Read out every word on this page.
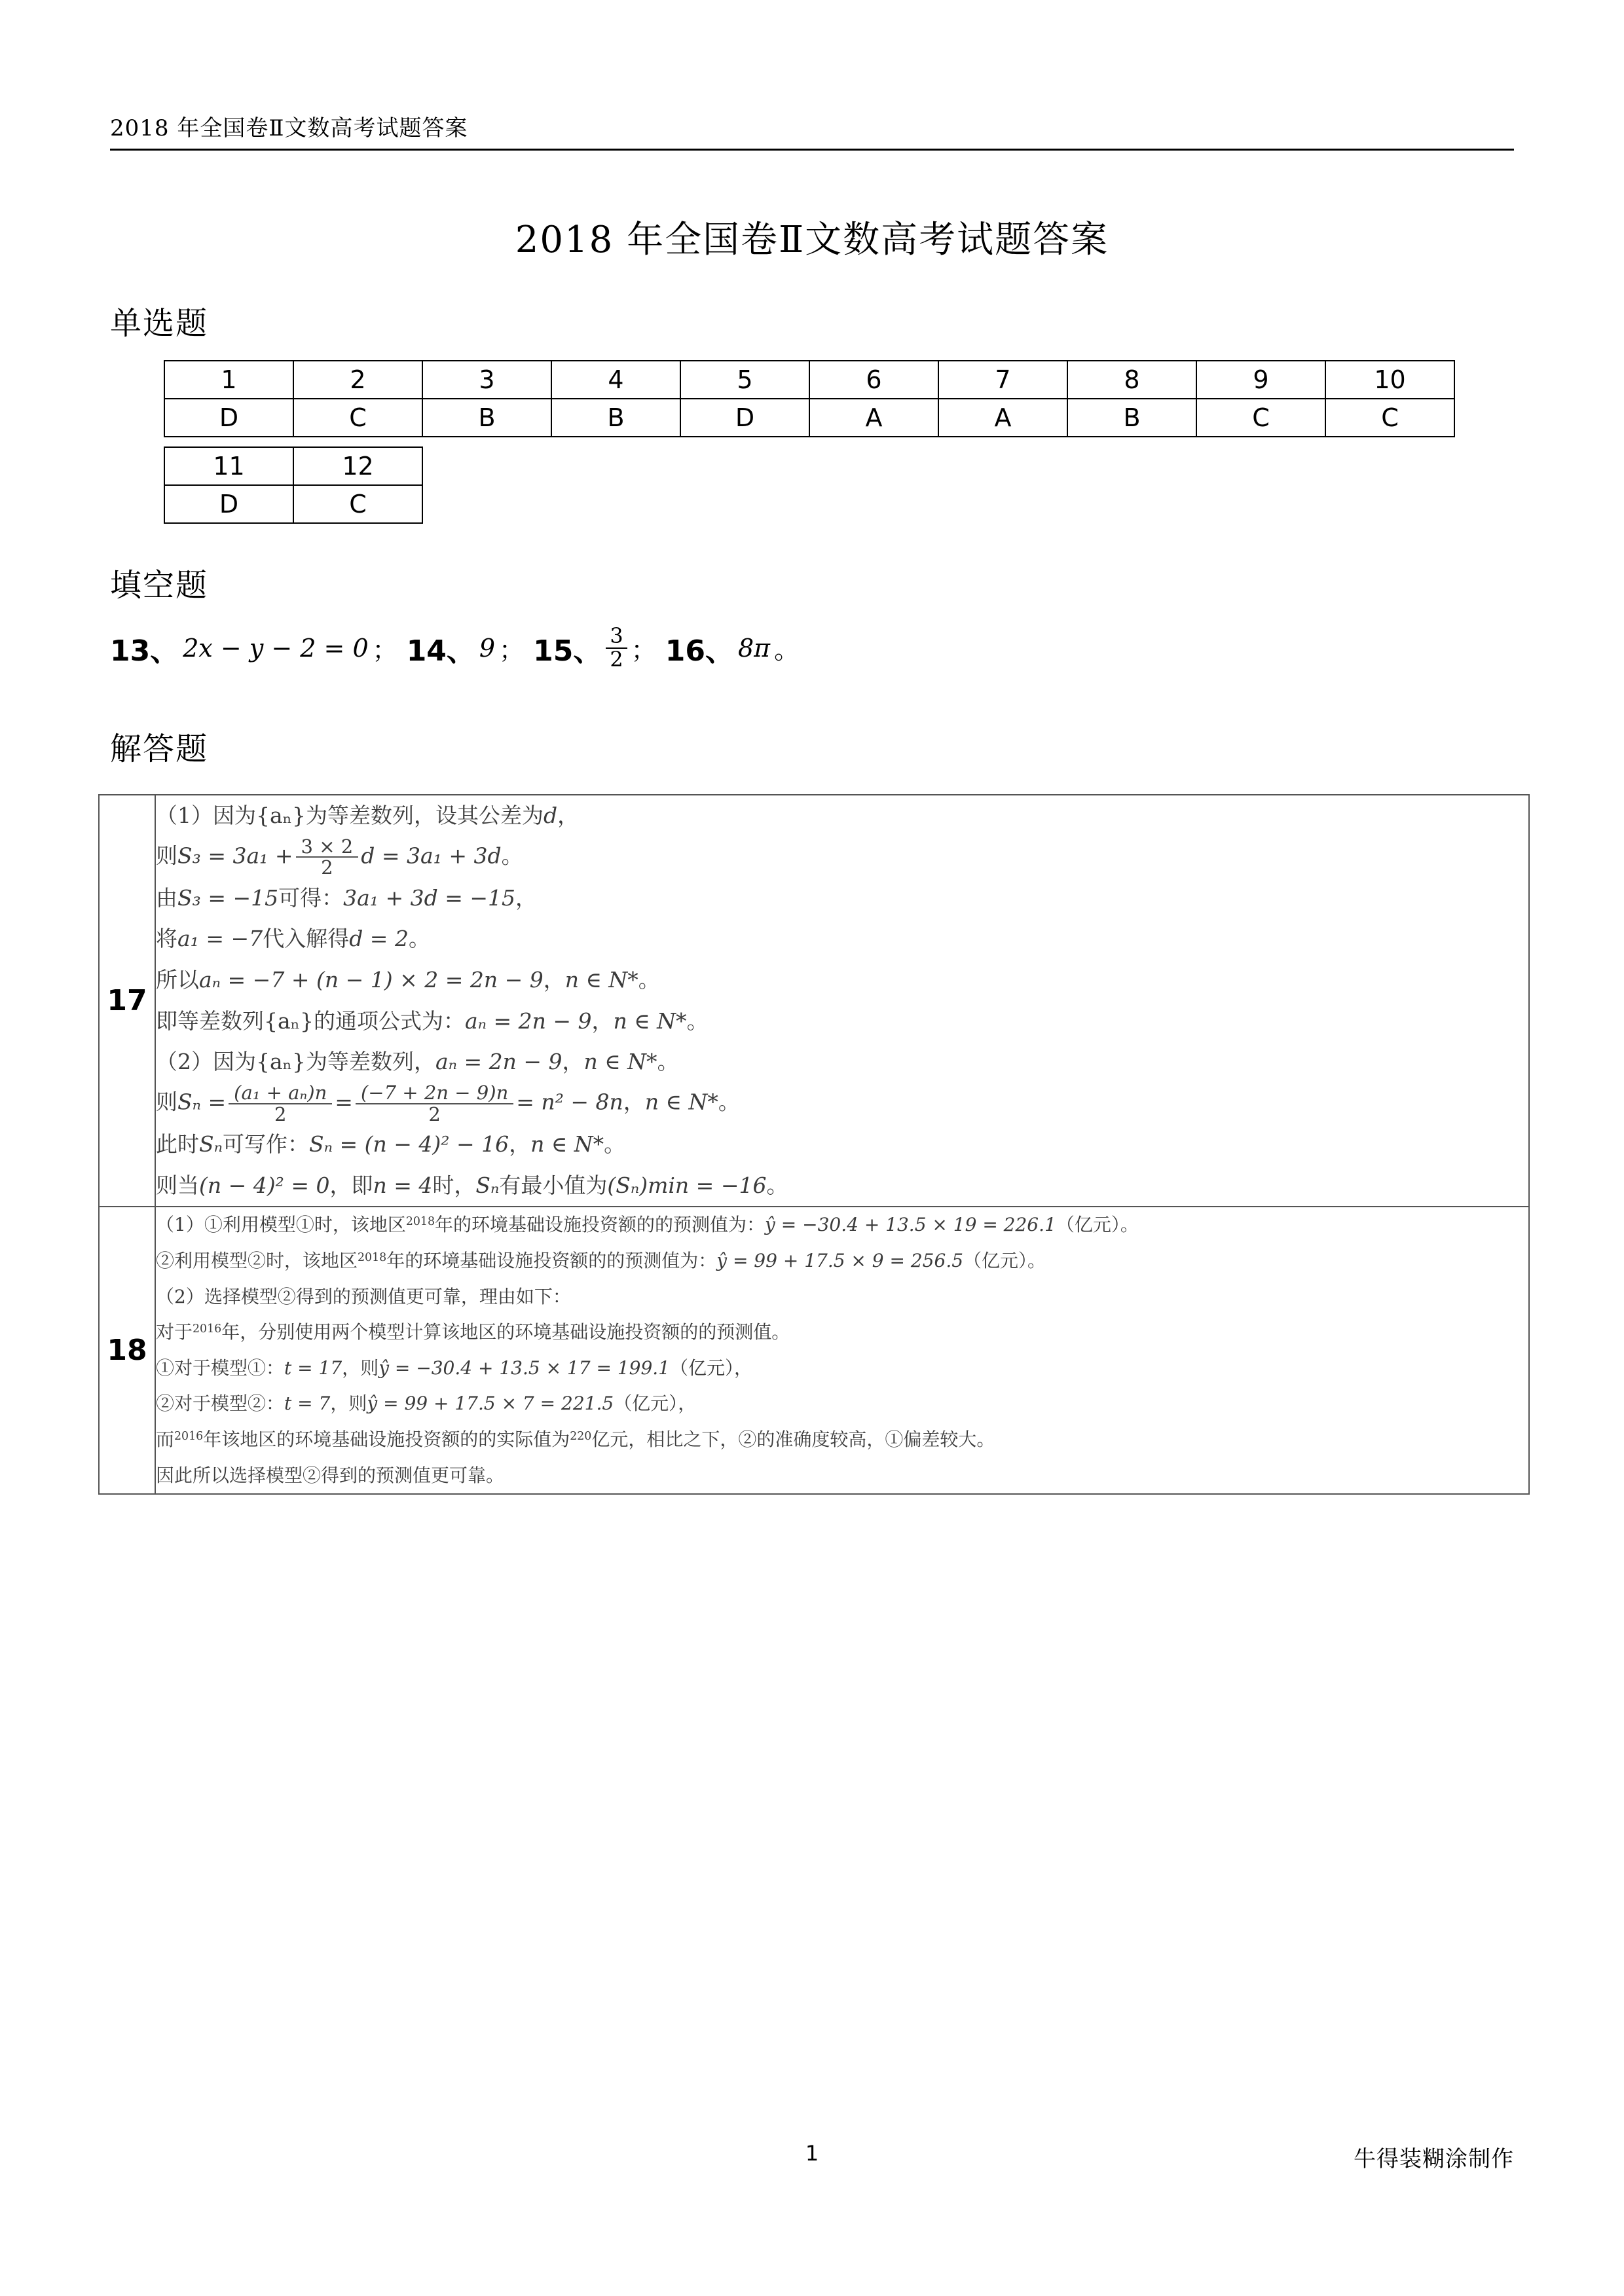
2018 年全国卷Ⅱ文数高考试题答案
2018 年全国卷Ⅱ文数高考试题答案
单选题
1	2	3	4	5	6	7	8	9	10
D	C	B	B	D	A	A	B	C	C
11	12
D	C
填空题
13、 2x − y − 2 = 0 ； 14、 9 ； 15、 $\frac{3}{2}$ ； 16、 8π 。
解答题
17	
（1）因为{aₙ}为等差数列，设其公差为d，
则$S_3 = 3a_1 + \frac{3 \times 2}{2}$ d = 3a₁ + 3d。
由S₃ = −15可得：3a₁ + 3d = −15，
将a₁ = −7代入解得d = 2。
所以aₙ = −7 + (n − 1) × 2 = 2n − 9，n ∈ N*。
即等差数列{aₙ}的通项公式为：aₙ = 2n − 9，n ∈ N*。
（2）因为{aₙ}为等差数列，aₙ = 2n − 9，n ∈ N*。
则$S_n = \frac{\text{(a₁ + aₙ)n}}{2} = \frac{(-7 + 2n - 9)n}{2} = n^2 - 8n$，n ∈ N*。
此时Sₙ可写作：Sₙ = (n − 4)² − 16，n ∈ N*。
则当(n − 4)² = 0，即n = 4时，Sₙ有最小值为(Sₙ)min = −16。

18	
（1）①利用模型①时，该地区$^{2018}$年的环境基础设施投资额的的预测值为：ŷ = −30.4 + 13.5 × 19 = 226.1（亿元）。
②利用模型②时，该地区$^{2018}$年的环境基础设施投资额的的预测值为：ŷ = 99 + 17.5 × 9 = 256.5（亿元）。
（2）选择模型②得到的预测值更可靠，理由如下：
对于$^{2016}$年，分别使用两个模型计算该地区的环境基础设施投资额的的预测值。
①对于模型①：t = 17，则ŷ = −30.4 + 13.5 × 17 = 199.1（亿元），
②对于模型②：t = 7，则ŷ = 99 + 17.5 × 7 = 221.5（亿元），
而$^{2016}$年该地区的环境基础设施投资额的的实际值为$^{220}$亿元，相比之下，②的准确度较高，①偏差较大。
因此所以选择模型②得到的预测值更可靠。
1	牛得装糊涂制作
